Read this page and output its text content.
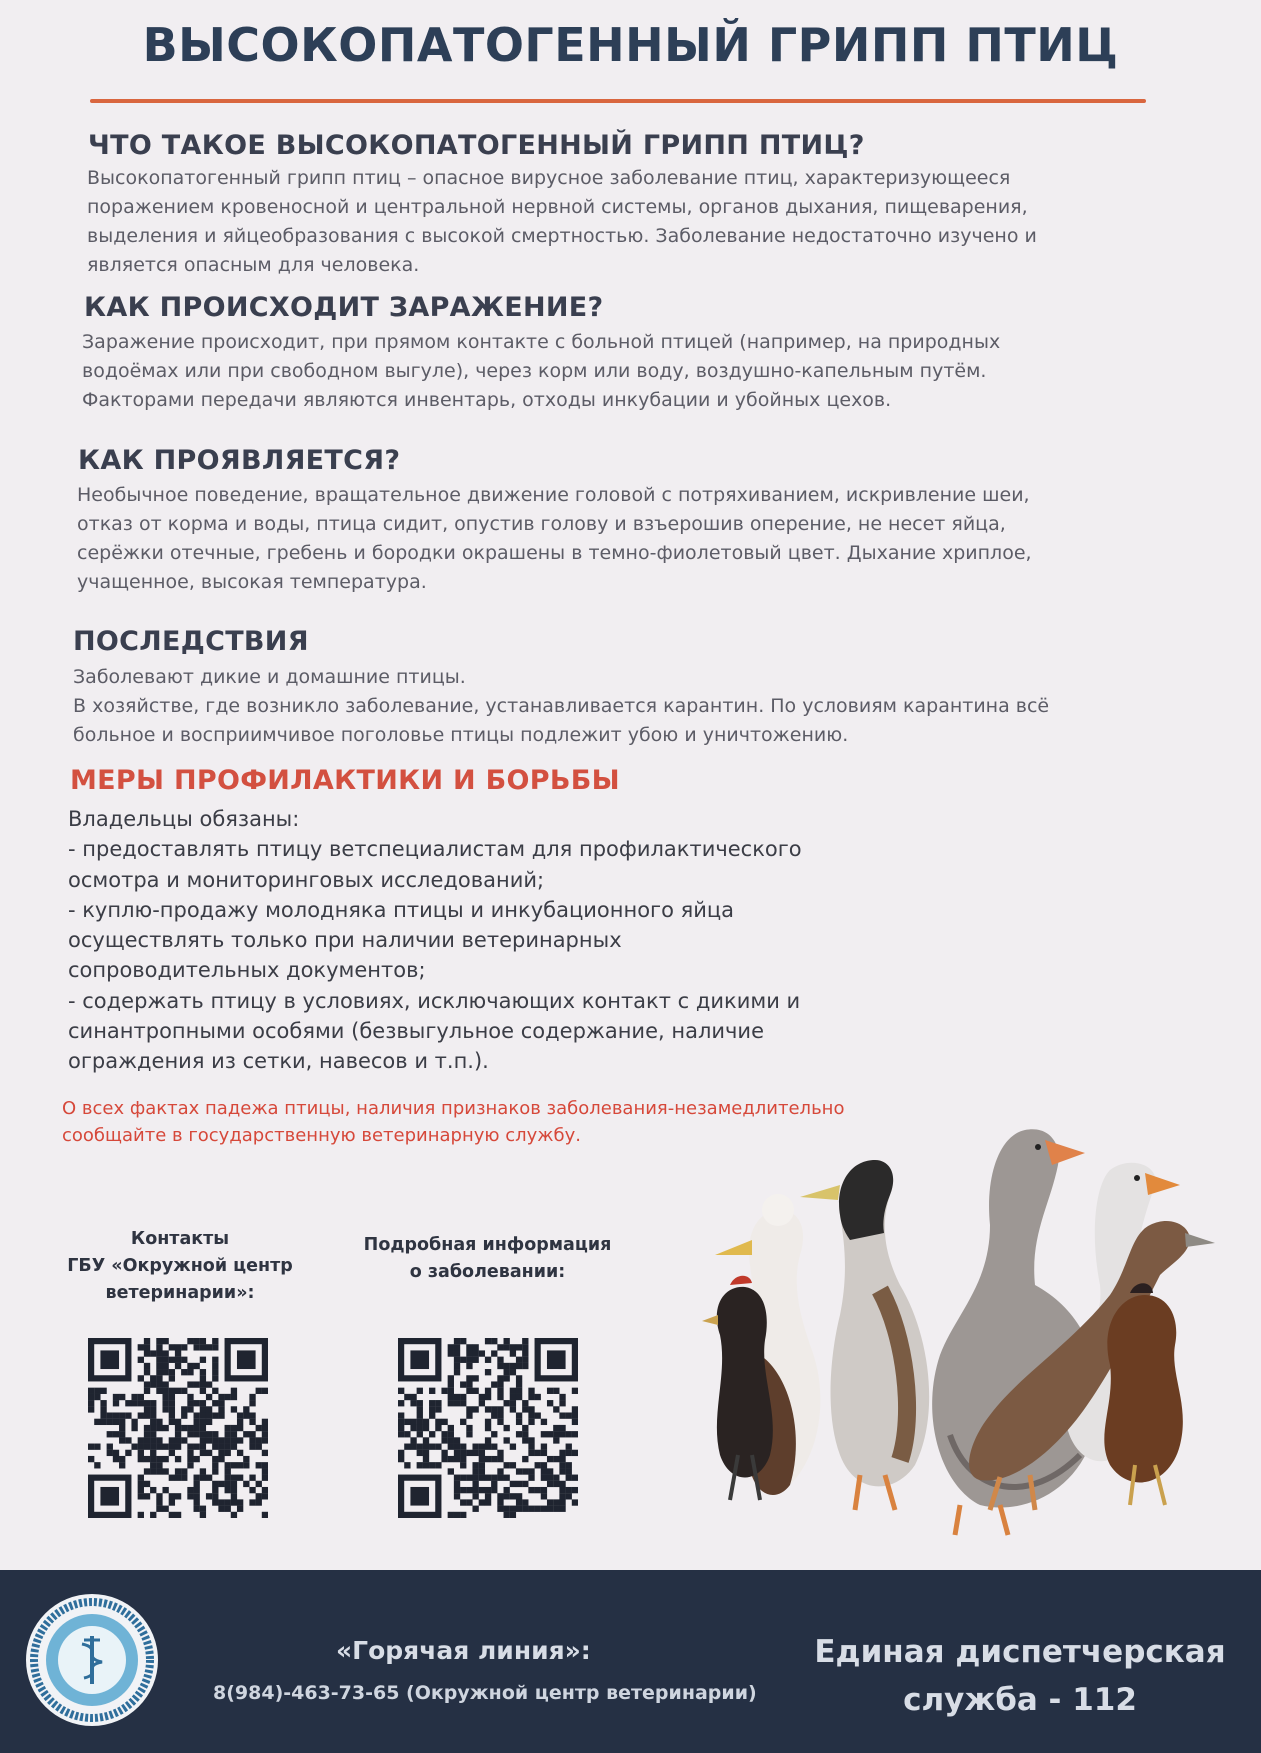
ВЫСОКОПАТОГЕННЫЙ ГРИПП ПТИЦ
ЧТО ТАКОЕ ВЫСОКОПАТОГЕННЫЙ ГРИПП ПТИЦ?
Высокопатогенный грипп птиц – опасное вирусное заболевание птиц, характеризующееся
поражением кровеносной и центральной нервной системы, органов дыхания, пищеварения,
выделения и яйцеобразования с высокой смертностью. Заболевание недостаточно изучено и
является опасным для человека.
КАК ПРОИСХОДИТ ЗАРАЖЕНИЕ?
Заражение происходит, при прямом контакте с больной птицей (например, на природных
водоёмах или при свободном выгуле), через корм или воду, воздушно-капельным путём.
Факторами передачи являются инвентарь, отходы инкубации и убойных цехов.
КАК ПРОЯВЛЯЕТСЯ?
Необычное поведение, вращательное движение головой с потряхиванием, искривление шеи,
отказ от корма и воды, птица сидит, опустив голову и взъерошив оперение, не несет яйца,
серёжки отечные, гребень и бородки окрашены в темно-фиолетовый цвет. Дыхание хриплое,
учащенное, высокая температура.
ПОСЛЕДСТВИЯ
Заболевают дикие и домашние птицы.
В хозяйстве, где возникло заболевание, устанавливается карантин. По условиям карантина всё
больное и восприимчивое поголовье птицы подлежит убою и уничтожению.
МЕРЫ ПРОФИЛАКТИКИ И БОРЬБЫ
Владельцы обязаны:
- предоставлять птицу ветспециалистам для профилактического
осмотра и мониторинговых исследований;
- куплю-продажу молодняка птицы и инкубационного яйца
осуществлять только при наличии ветеринарных
сопроводительных документов;
- содержать птицу в условиях, исключающих контакт с дикими и
синантропными особями (безвыгульное содержание, наличие
ограждения из сетки, навесов и т.п.).
О всех фактах падежа птицы, наличия признаков заболевания-незамедлительно
сообщайте в государственную ветеринарную службу.
Контакты
ГБУ «Окружной центр
ветеринарии»:
Подробная информация
о заболевании:
«Горячая линия»:
8(984)-463-73-65 (Окружной центр ветеринарии)
Единая диспетчерская
служба - 112
